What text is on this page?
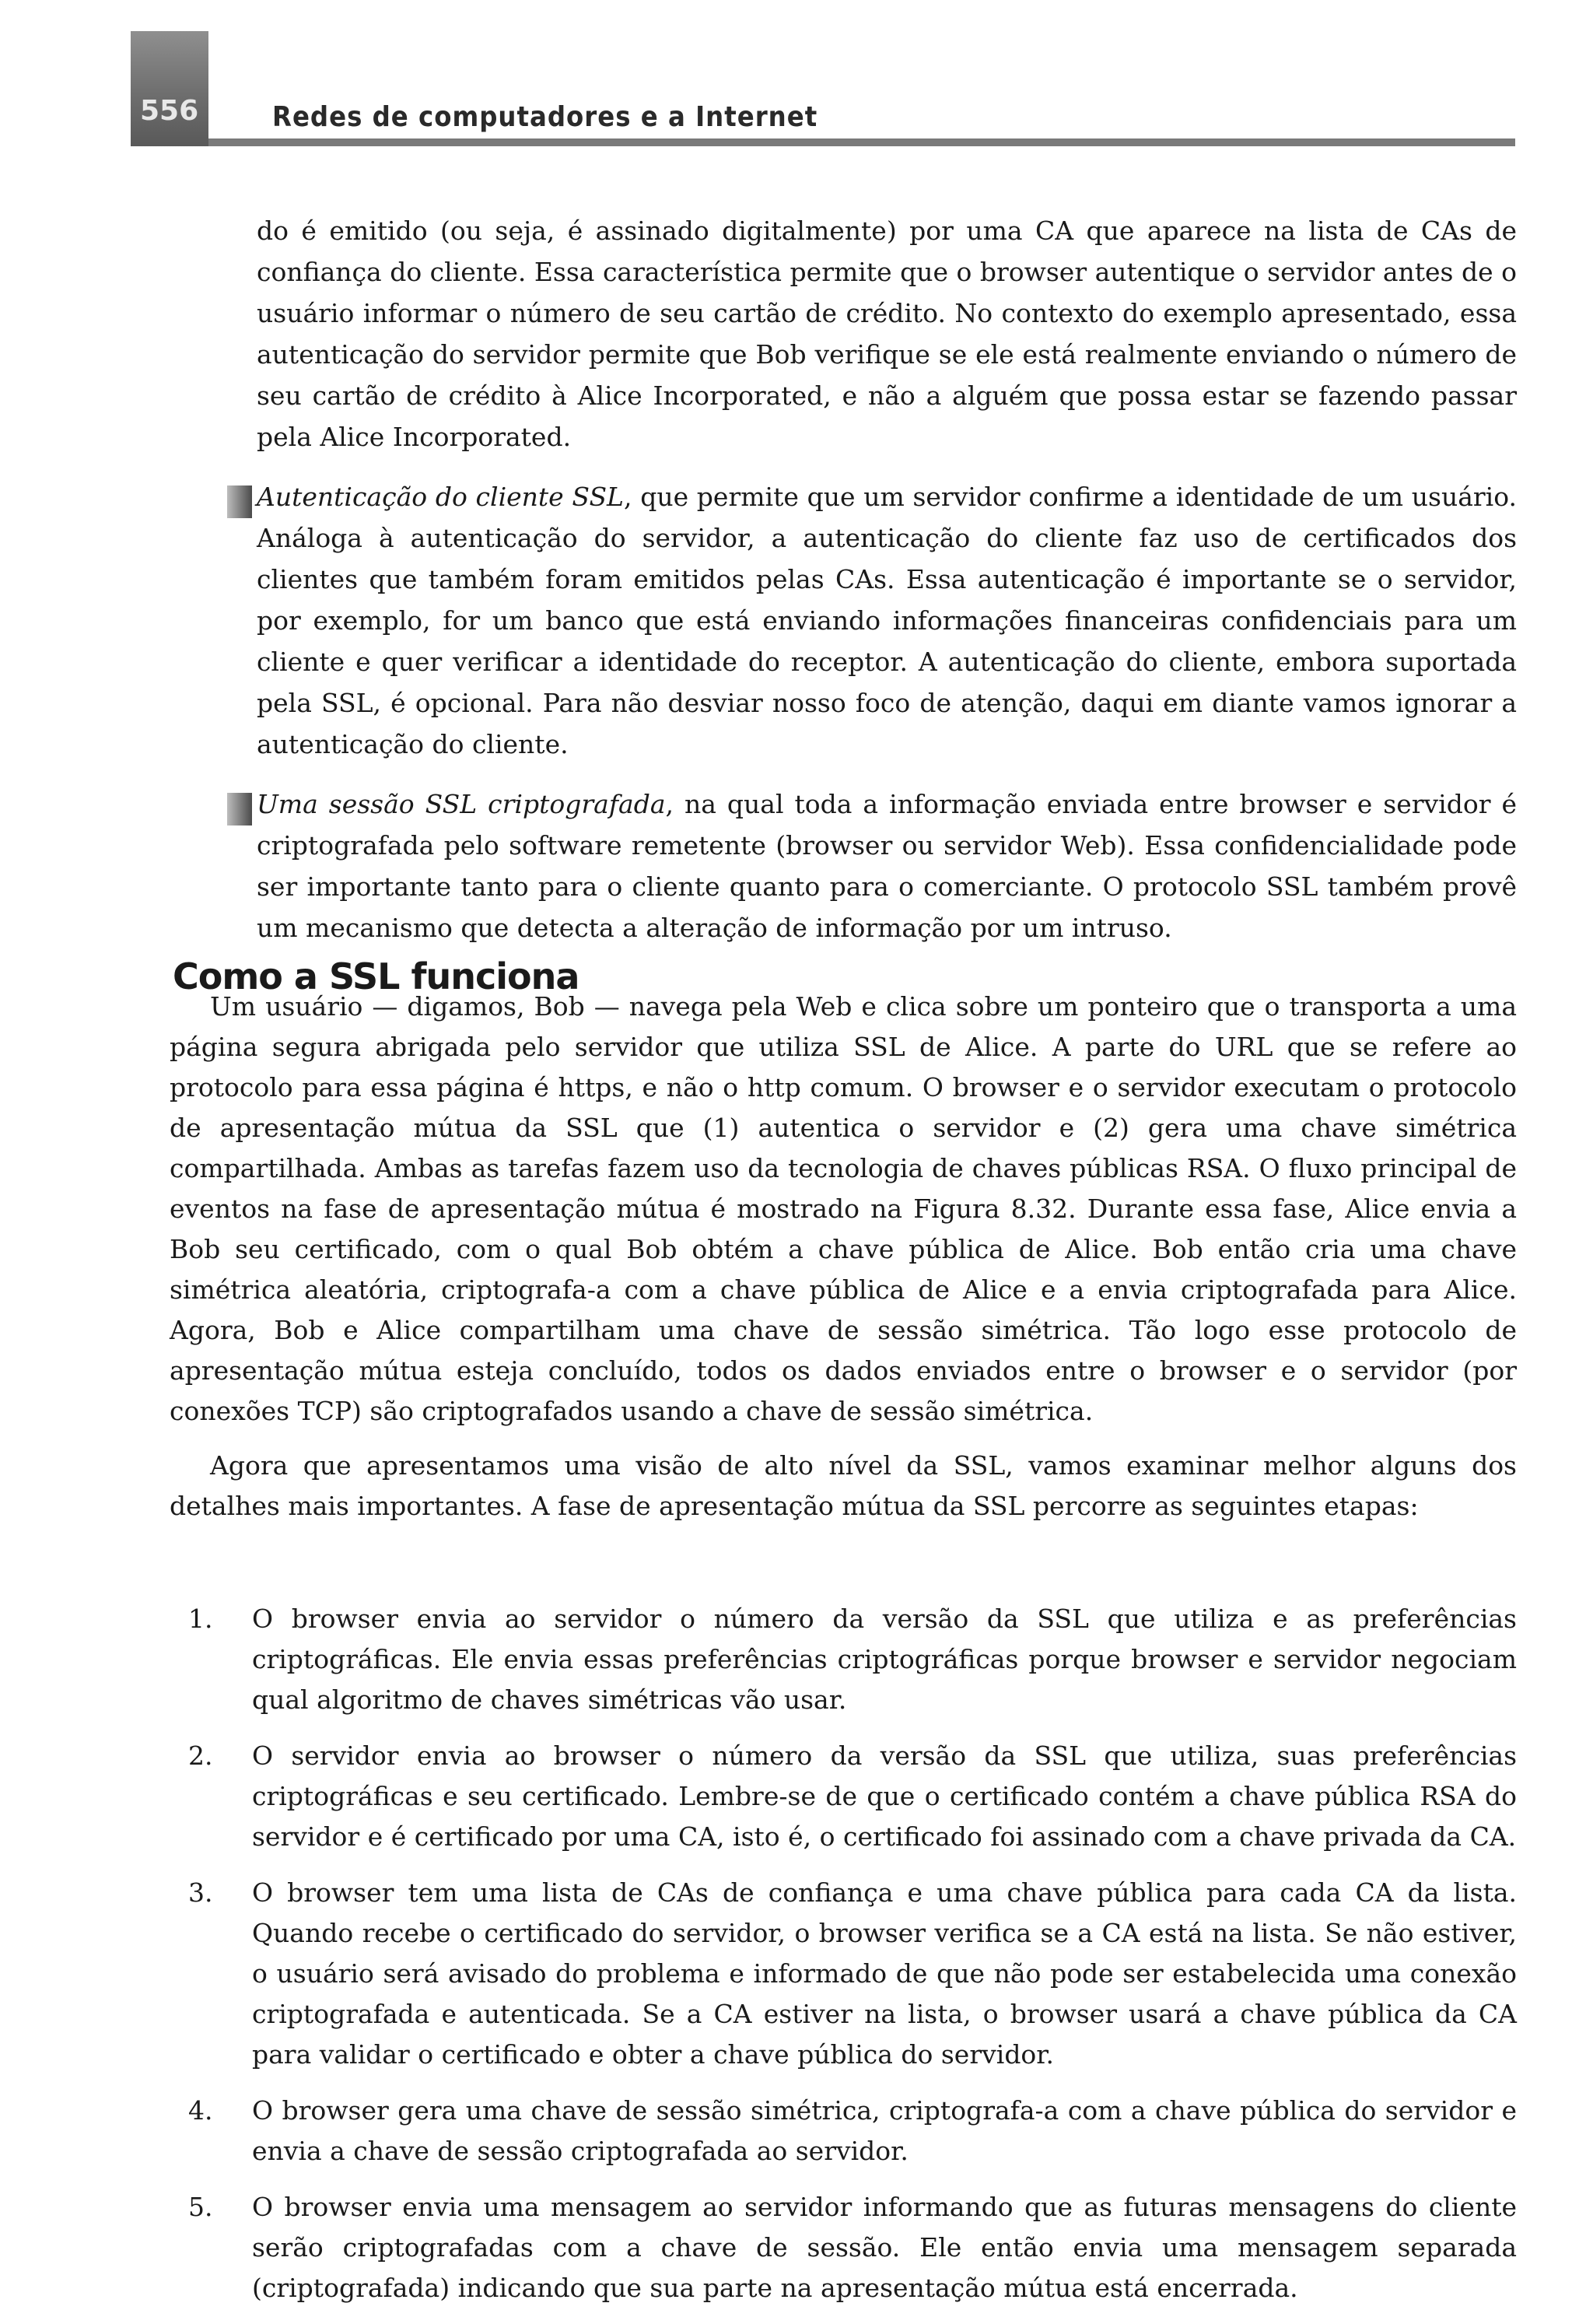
556	Redes de computadores e a Internet

do é emitido (ou seja, é assinado digitalmente) por uma CA que aparece na lista de CAs de confiança do cliente. Essa característica permite que o browser autentique o servidor antes de o usuário informar o número de seu cartão de crédito. No contexto do exemplo apresentado, essa autenticação do servidor permite que Bob verifique se ele está realmente enviando o número de seu cartão de crédito à Alice Incorporated, e não a alguém que possa estar se fazendo passar pela Alice Incorporated.

Autenticação do cliente SSL, que permite que um servidor confirme a identidade de um usuário. Análoga à autenticação do servidor, a autenticação do cliente faz uso de certificados dos clientes que também foram emitidos pelas CAs. Essa autenticação é importante se o servidor, por exemplo, for um banco que está enviando informações financeiras confidenciais para um cliente e quer verificar a identidade do receptor. A autenticação do cliente, embora suportada pela SSL, é opcional. Para não desviar nosso foco de atenção, daqui em diante vamos ignorar a autenticação do cliente.

Uma sessão SSL criptografada, na qual toda a informação enviada entre browser e servidor é criptografada pelo software remetente (browser ou servidor Web). Essa confidencialidade pode ser importante tanto para o cliente quanto para o comerciante. O protocolo SSL também provê um mecanismo que detecta a alteração de informação por um intruso.

Como a SSL funciona

Um usuário — digamos, Bob — navega pela Web e clica sobre um ponteiro que o transporta a uma página segura abrigada pelo servidor que utiliza SSL de Alice. A parte do URL que se refere ao protocolo para essa página é https, e não o http comum. O browser e o servidor executam o protocolo de apresentação mútua da SSL que (1) autentica o servidor e (2) gera uma chave simétrica compartilhada. Ambas as tarefas fazem uso da tecnologia de chaves públicas RSA. O fluxo principal de eventos na fase de apresentação mútua é mostrado na Figura 8.32. Durante essa fase, Alice envia a Bob seu certificado, com o qual Bob obtém a chave pública de Alice. Bob então cria uma chave simétrica aleatória, criptografa-a com a chave pública de Alice e a envia criptografada para Alice. Agora, Bob e Alice compartilham uma chave de sessão simétrica. Tão logo esse protocolo de apresentação mútua esteja concluído, todos os dados enviados entre o browser e o servidor (por conexões TCP) são criptografados usando a chave de sessão simétrica.

Agora que apresentamos uma visão de alto nível da SSL, vamos examinar melhor alguns dos detalhes mais importantes. A fase de apresentação mútua da SSL percorre as seguintes etapas:

1. O browser envia ao servidor o número da versão da SSL que utiliza e as preferências criptográficas. Ele envia essas preferências criptográficas porque browser e servidor negociam qual algoritmo de chaves simétricas vão usar.
2. O servidor envia ao browser o número da versão da SSL que utiliza, suas preferências criptográficas e seu certificado. Lembre-se de que o certificado contém a chave pública RSA do servidor e é certificado por uma CA, isto é, o certificado foi assinado com a chave privada da CA.
3. O browser tem uma lista de CAs de confiança e uma chave pública para cada CA da lista. Quando recebe o certificado do servidor, o browser verifica se a CA está na lista. Se não estiver, o usuário será avisado do problema e informado de que não pode ser estabelecida uma conexão criptografada e autenticada. Se a CA estiver na lista, o browser usará a chave pública da CA para validar o certificado e obter a chave pública do servidor.
4. O browser gera uma chave de sessão simétrica, criptografa-a com a chave pública do servidor e envia a chave de sessão criptografada ao servidor.
5. O browser envia uma mensagem ao servidor informando que as futuras mensagens do cliente serão criptografadas com a chave de sessão. Ele então envia uma mensagem separada (criptografada) indicando que sua parte na apresentação mútua está encerrada.
